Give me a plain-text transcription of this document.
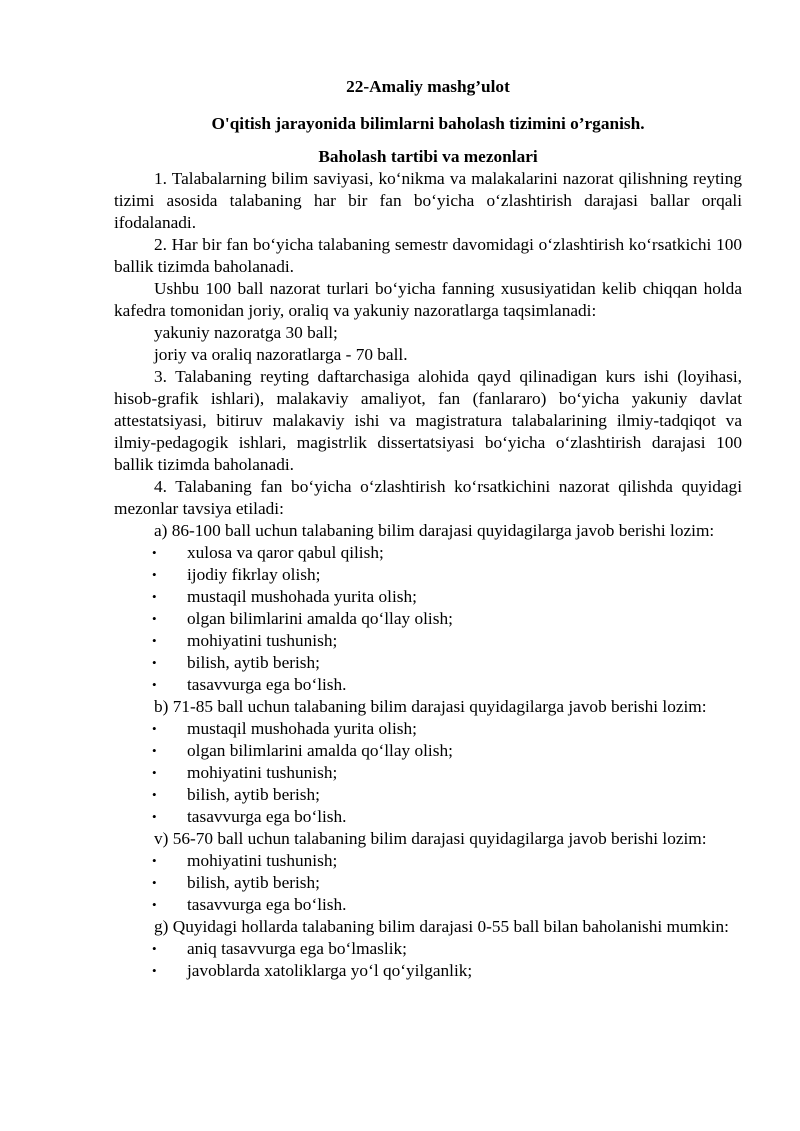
22-Amaliy mashg’ulot

O'qitish jarayonida bilimlarni baholash tizimini o’rganish.

Baholash tartibi va mezonlari

1. Talabalarning bilim saviyasi, ko‘nikma va malakalarini nazorat qilishning reyting tizimi asosida talabaning har bir fan bo‘yicha o‘zlashtirish darajasi ballar orqali ifodalanadi.

2. Har bir fan bo‘yicha talabaning semestr davomidagi o‘zlashtirish ko‘rsatkichi 100 ballik tizimda baholanadi.

Ushbu 100 ball nazorat turlari bo‘yicha fanning xususiyatidan kelib chiqqan holda kafedra tomonidan joriy, oraliq va yakuniy nazoratlarga taqsimlanadi:

yakuniy nazoratga 30 ball;

joriy va oraliq nazoratlarga - 70 ball.

3. Talabaning reyting daftarchasiga alohida qayd qilinadigan kurs ishi (loyihasi, hisob-grafik ishlari), malakaviy amaliyot, fan (fanlararo) bo‘yicha yakuniy davlat attestatsiyasi, bitiruv malakaviy ishi va magistratura talabalarining ilmiy-tadqiqot va ilmiy-pedagogik ishlari, magistrlik dissertatsiyasi bo‘yicha o‘zlashtirish darajasi 100 ballik tizimda baholanadi.

4. Talabaning fan bo‘yicha o‘zlashtirish ko‘rsatkichini nazorat qilishda quyidagi mezonlar tavsiya etiladi:

a) 86-100 ball uchun talabaning bilim darajasi quyidagilarga javob berishi lozim:

• xulosa va qaror qabul qilish;
• ijodiy fikrlay olish;
• mustaqil mushohada yurita olish;
• olgan bilimlarini amalda qo‘llay olish;
• mohiyatini tushunish;
• bilish, aytib berish;
• tasavvurga ega bo‘lish.

b) 71-85 ball uchun talabaning bilim darajasi quyidagilarga javob berishi lozim:

• mustaqil mushohada yurita olish;
• olgan bilimlarini amalda qo‘llay olish;
• mohiyatini tushunish;
• bilish, aytib berish;
• tasavvurga ega bo‘lish.

v) 56-70 ball uchun talabaning bilim darajasi quyidagilarga javob berishi lozim:

• mohiyatini tushunish;
• bilish, aytib berish;
• tasavvurga ega bo‘lish.

g) Quyidagi hollarda talabaning bilim darajasi 0-55 ball bilan baholanishi mumkin:

• aniq tasavvurga ega bo‘lmaslik;
• javoblarda xatoliklarga yo‘l qo‘yilganlik;
